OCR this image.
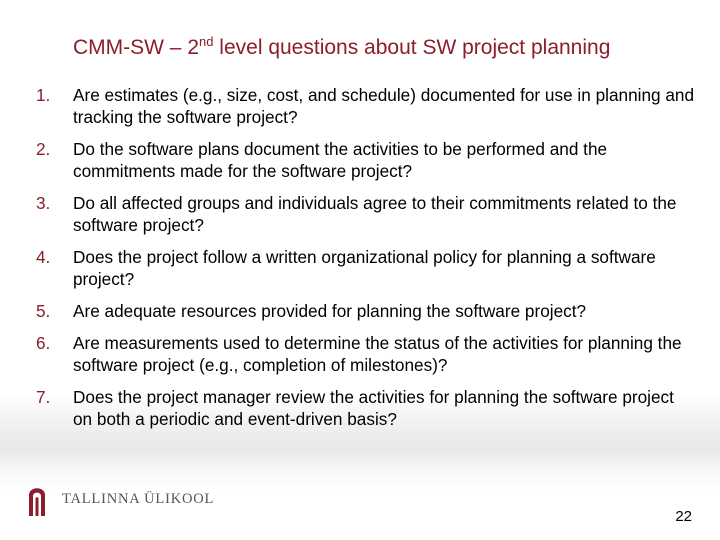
CMM-SW – 2nd level questions about SW project planning
1. Are estimates (e.g., size, cost, and schedule) documented for use in planning and tracking the software project?
2. Do the software plans document the activities to be performed and the commitments made for the software project?
3. Do all affected groups and individuals agree to their commitments related to the software project?
4. Does the project follow a written organizational policy for planning a software project?
5. Are adequate resources provided for planning the software project?
6. Are measurements used to determine the status of the activities for planning the software project (e.g., completion of milestones)?
7. Does the project manager review the activities for planning the software project on both a periodic and event-driven basis?
TALLINNA ÜLIKOOL
22
